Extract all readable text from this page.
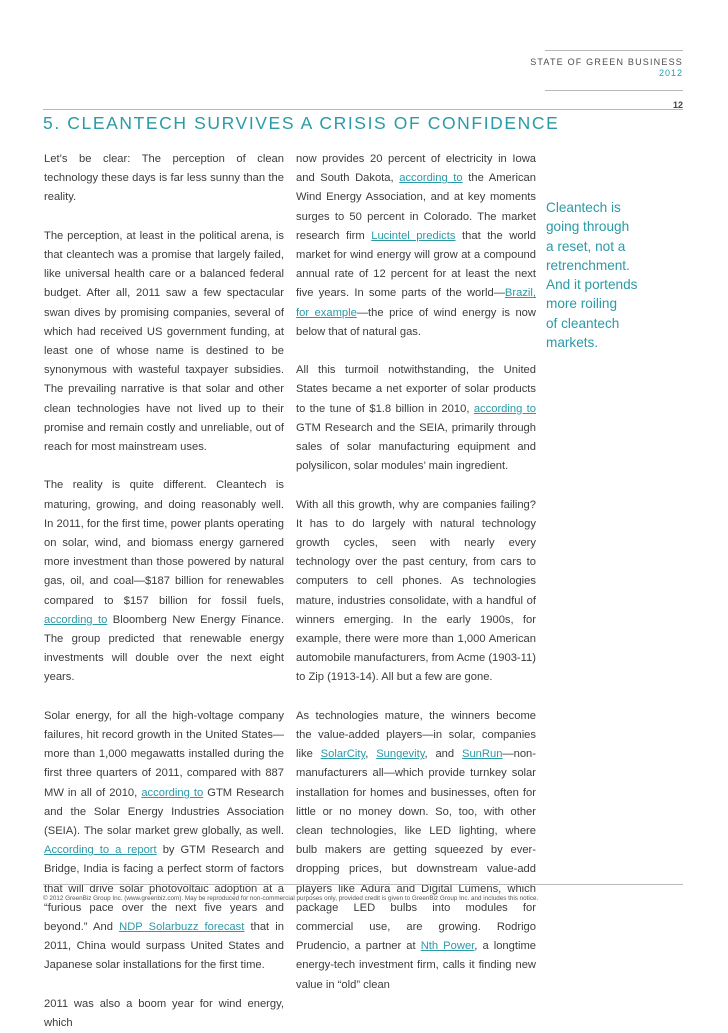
STATE OF GREEN BUSINESS
2012
12
5. CLEANTECH SURVIVES A CRISIS OF CONFIDENCE

Let’s be clear: The perception of clean technology these days is far less sunny than the reality.

The perception, at least in the political arena, is that cleantech was a promise that largely failed, like universal health care or a balanced federal budget. After all, 2011 saw a few spectacular swan dives by promising companies, several of which had received US government funding, at least one of whose name is destined to be synonymous with wasteful taxpayer subsidies. The prevailing narrative is that solar and other clean technologies have not lived up to their promise and remain costly and unreliable, out of reach for most mainstream uses.

The reality is quite different. Cleantech is maturing, growing, and doing reasonably well. In 2011, for the first time, power plants operating on solar, wind, and biomass energy garnered more investment than those powered by natural gas, oil, and coal—$187 billion for renewables compared to $157 billion for fossil fuels, according to Bloomberg New Energy Finance. The group predicted that renewable energy investments will double over the next eight years.

Solar energy, for all the high-voltage company failures, hit record growth in the United States—more than 1,000 megawatts installed during the first three quarters of 2011, compared with 887 MW in all of 2010, according to GTM Research and the Solar Energy Industries Association (SEIA). The solar market grew globally, as well. According to a report by GTM Research and Bridge, India is facing a perfect storm of factors that will drive solar photovoltaic adoption at a “furious pace over the next five years and beyond.” And NDP Solarbuzz forecast that in 2011, China would surpass United States and Japanese solar installations for the first time.

2011 was also a boom year for wind energy, which

now provides 20 percent of electricity in Iowa and South Dakota, according to the American Wind Energy Association, and at key moments surges to 50 percent in Colorado. The market research firm Lucintel predicts that the world market for wind energy will grow at a compound annual rate of 12 percent for at least the next five years. In some parts of the world—Brazil, for example—the price of wind energy is now below that of natural gas.

All this turmoil notwithstanding, the United States became a net exporter of solar products to the tune of $1.8 billion in 2010, according to GTM Research and the SEIA, primarily through sales of solar manufacturing equipment and polysilicon, solar modules’ main ingredient.

With all this growth, why are companies failing? It has to do largely with natural technology growth cycles, seen with nearly every technology over the past century, from cars to computers to cell phones. As technologies mature, industries consolidate, with a handful of winners emerging. In the early 1900s, for example, there were more than 1,000 American automobile manufacturers, from Acme (1903-11) to Zip (1913-14). All but a few are gone.

As technologies mature, the winners become the value-added players—in solar, companies like SolarCity, Sungevity, and SunRun—non-manufacturers all—which provide turnkey solar installation for homes and businesses, often for little or no money down. So, too, with other clean technologies, like LED lighting, where bulb makers are getting squeezed by ever-dropping prices, but downstream value-add players like Adura and Digital Lumens, which package LED bulbs into modules for commercial use, are growing. Rodrigo Prudencio, a partner at Nth Power, a longtime energy-tech investment firm, calls it finding new value in “old” clean

Cleantech is
going through
a reset, not a
retrenchment.
And it portends
more roiling
of cleantech
markets.
© 2012 GreenBiz Group Inc. (www.greenbiz.com). May be reproduced for non-commercial purposes only, provided credit is given to GreenBiz Group Inc. and includes this notice.
